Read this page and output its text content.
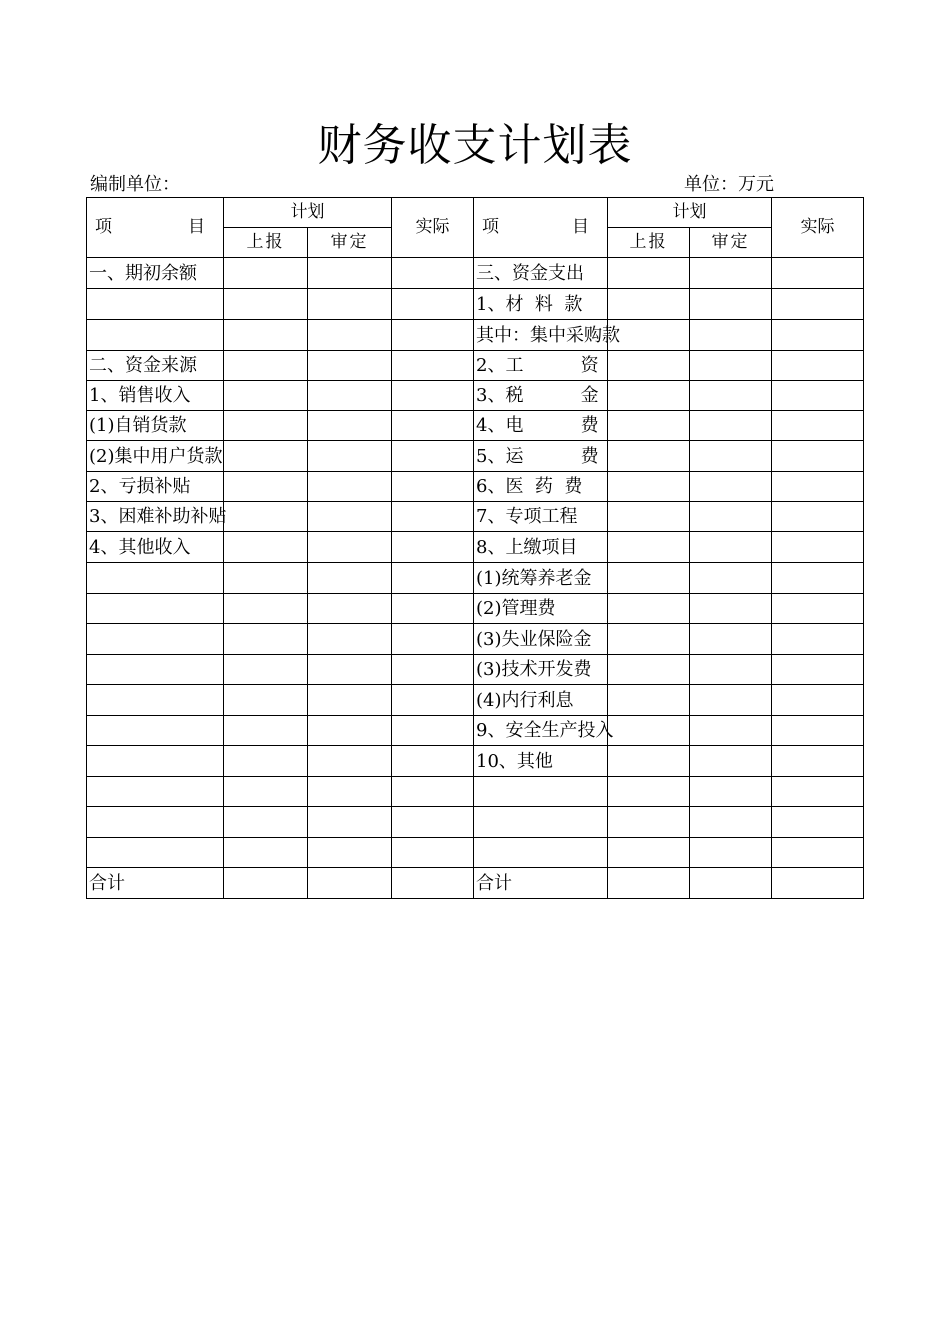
财务收支计划表
编制单位：	单位：万元
项 目	计划		实际	项 目	计划		实际
	上报	审定			上报	审定	
一、期初余额				三、资金支出			
				1、材  料  款			
				其中：集中采购款			
二、资金来源				2、工          资			
1、销售收入				3、税          金			
(1)自销货款				4、电          费			
(2)集中用户货款				5、运          费			
2、亏损补贴				6、医  药  费			
3、困难补助补贴				7、专项工程			
4、其他收入				8、上缴项目			
				(1)统筹养老金			
				(2)管理费			
				(3)失业保险金			
				(3)技术开发费			
				(4)内行利息			
				9、安全生产投入			
				10、其他			

合计				合计			
